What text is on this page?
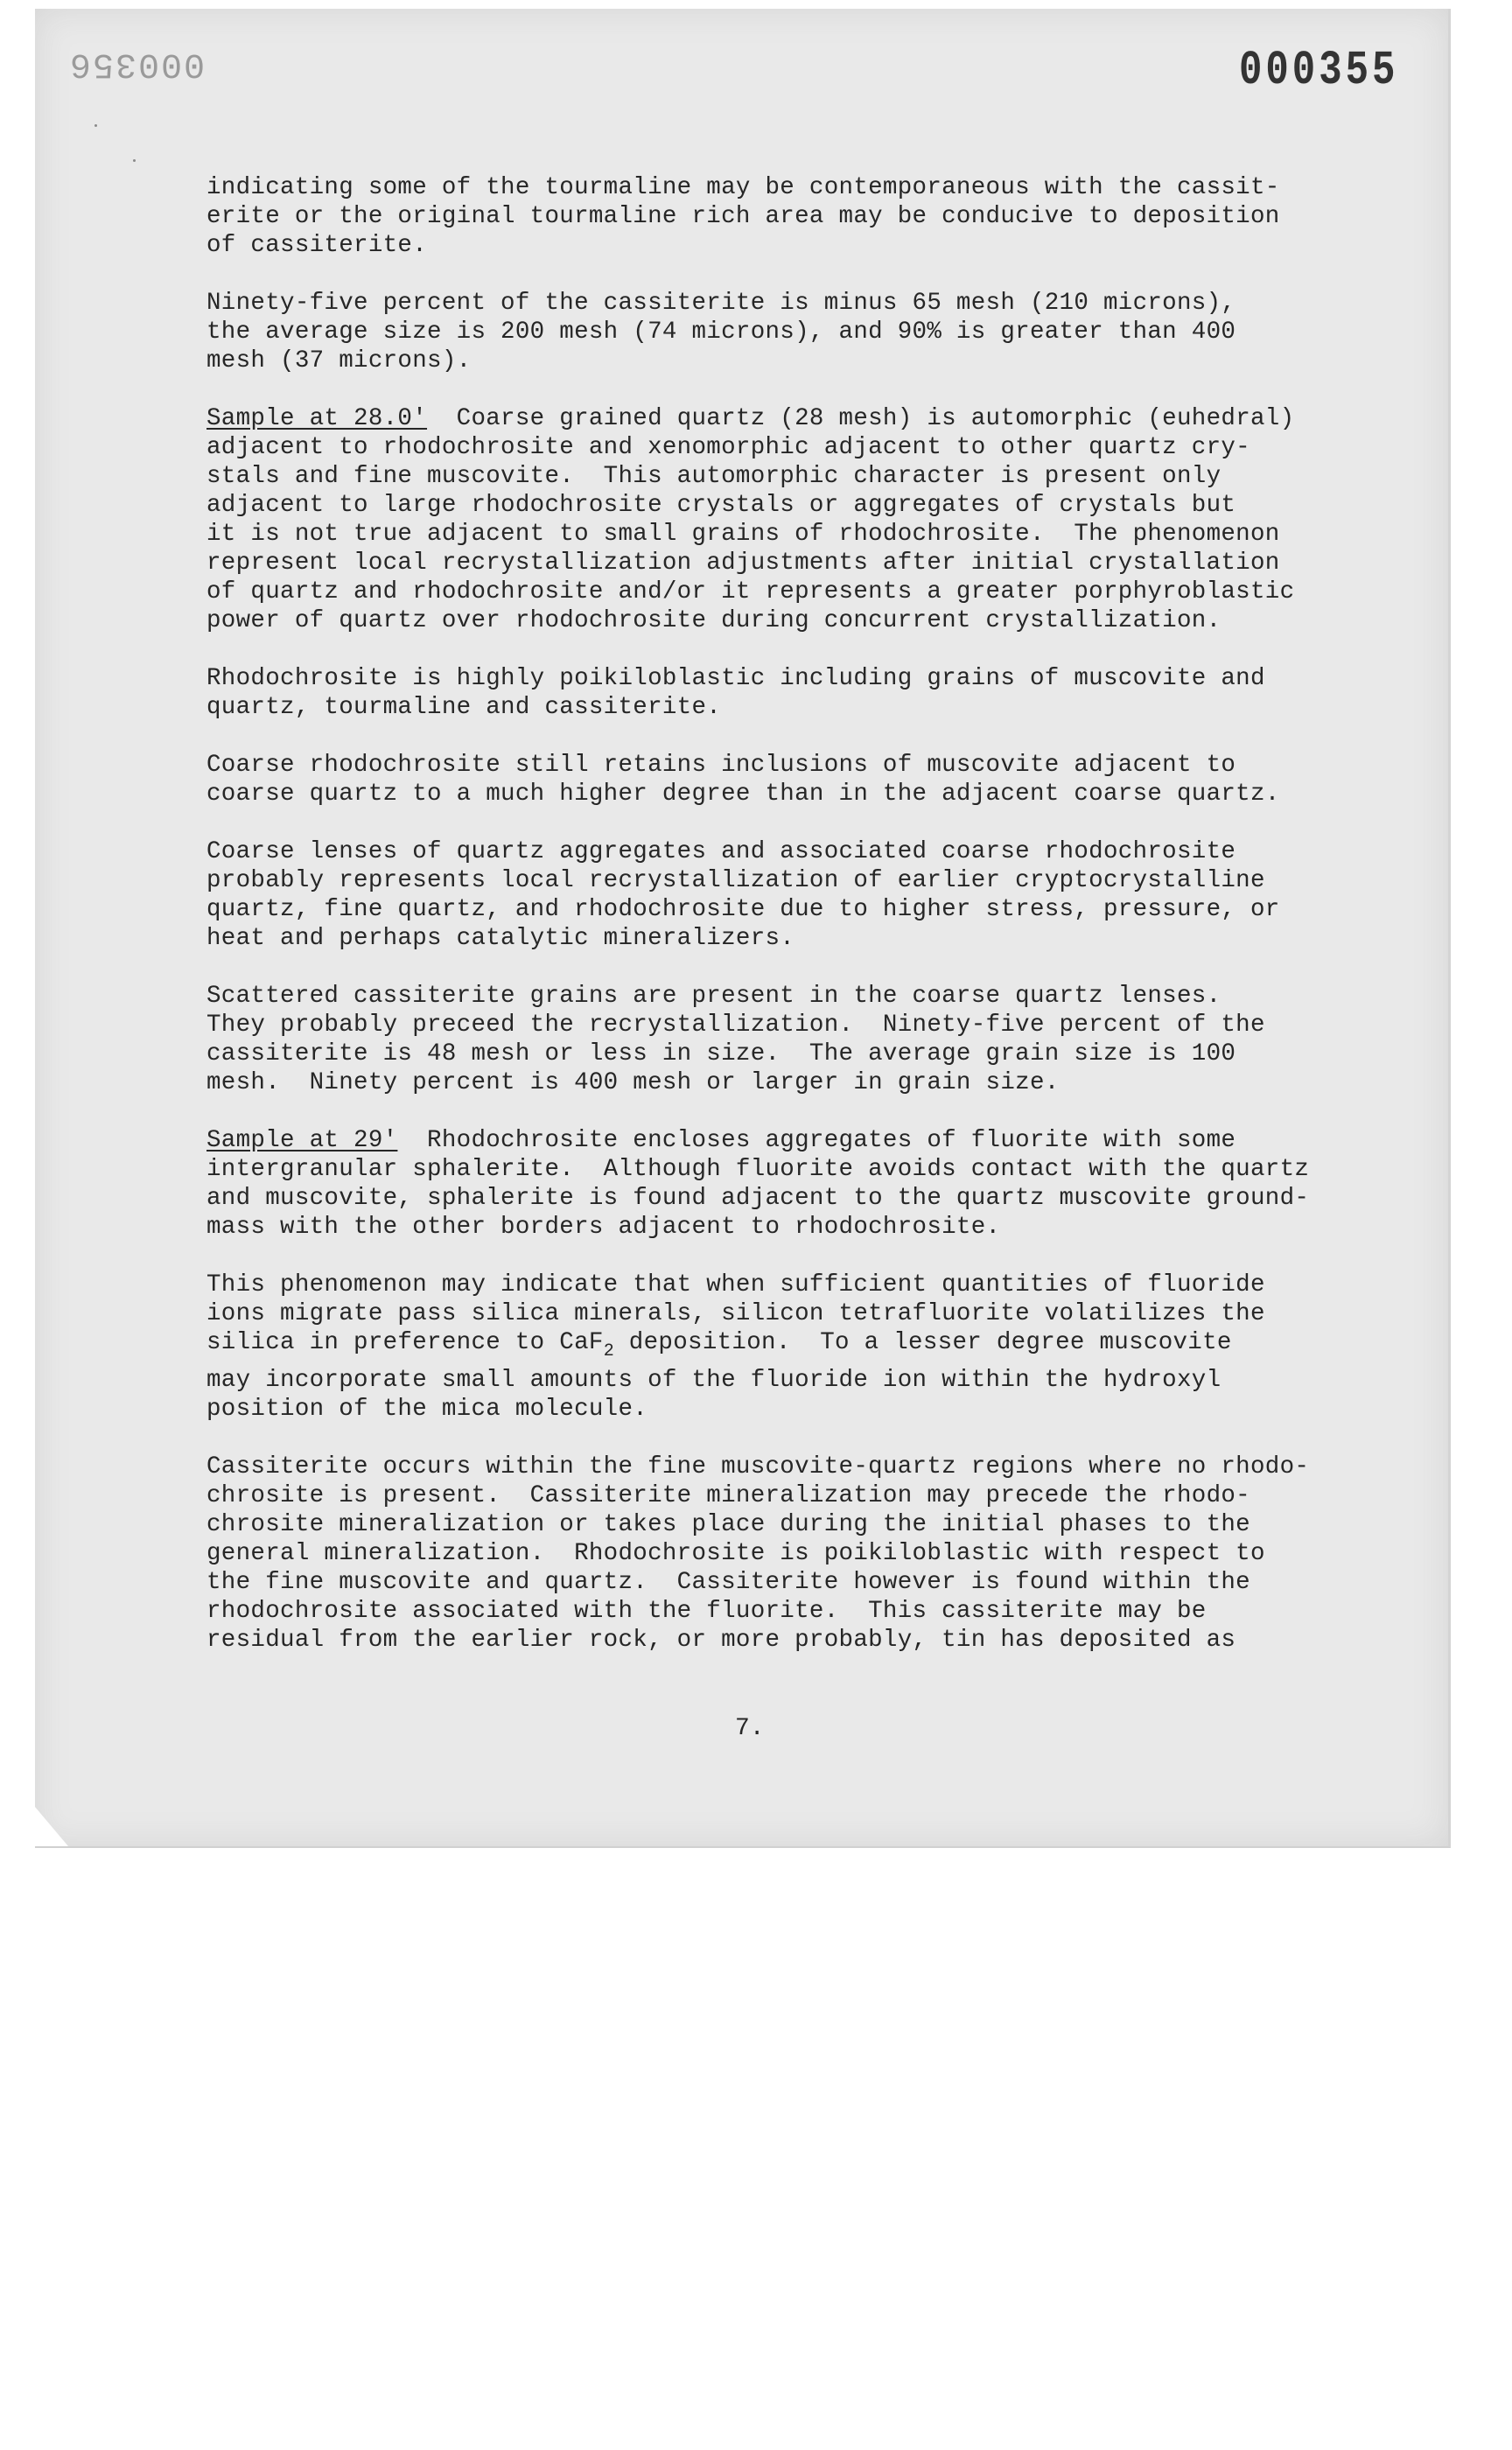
000356	000355
indicating some of the tourmaline may be contemporaneous with the cassit-
erite or the original tourmaline rich area may be conducive to deposition
of cassiterite.
Ninety-five percent of the cassiterite is minus 65 mesh (210 microns),
the average size is 200 mesh (74 microns), and 90% is greater than 400
mesh (37 microns).
Sample at 28.0'  Coarse grained quartz (28 mesh) is automorphic (euhedral)
adjacent to rhodochrosite and xenomorphic adjacent to other quartz cry-
stals and fine muscovite.  This automorphic character is present only
adjacent to large rhodochrosite crystals or aggregates of crystals but
it is not true adjacent to small grains of rhodochrosite.  The phenomenon
represent local recrystallization adjustments after initial crystallation
of quartz and rhodochrosite and/or it represents a greater porphyroblastic
power of quartz over rhodochrosite during concurrent crystallization.
Rhodochrosite is highly poikiloblastic including grains of muscovite and
quartz, tourmaline and cassiterite.
Coarse rhodochrosite still retains inclusions of muscovite adjacent to
coarse quartz to a much higher degree than in the adjacent coarse quartz.
Coarse lenses of quartz aggregates and associated coarse rhodochrosite
probably represents local recrystallization of earlier cryptocrystalline
quartz, fine quartz, and rhodochrosite due to higher stress, pressure, or
heat and perhaps catalytic mineralizers.
Scattered cassiterite grains are present in the coarse quartz lenses.
They probably preceed the recrystallization.  Ninety-five percent of the
cassiterite is 48 mesh or less in size.  The average grain size is 100
mesh.  Ninety percent is 400 mesh or larger in grain size.
Sample at 29'  Rhodochrosite encloses aggregates of fluorite with some
intergranular sphalerite.  Although fluorite avoids contact with the quartz
and muscovite, sphalerite is found adjacent to the quartz muscovite ground-
mass with the other borders adjacent to rhodochrosite.
This phenomenon may indicate that when sufficient quantities of fluoride
ions migrate pass silica minerals, silicon tetrafluorite volatilizes the
silica in preference to CaF$_2$ deposition.  To a lesser degree muscovite
may incorporate small amounts of the fluoride ion within the hydroxyl
position of the mica molecule.
Cassiterite occurs within the fine muscovite-quartz regions where no rhodo-
chrosite is present.  Cassiterite mineralization may precede the rhodo-
chrosite mineralization or takes place during the initial phases to the
general mineralization.  Rhodochrosite is poikiloblastic with respect to
the fine muscovite and quartz.  Cassiterite however is found within the
rhodochrosite associated with the fluorite.  This cassiterite may be
residual from the earlier rock, or more probably, tin has deposited as
7.
